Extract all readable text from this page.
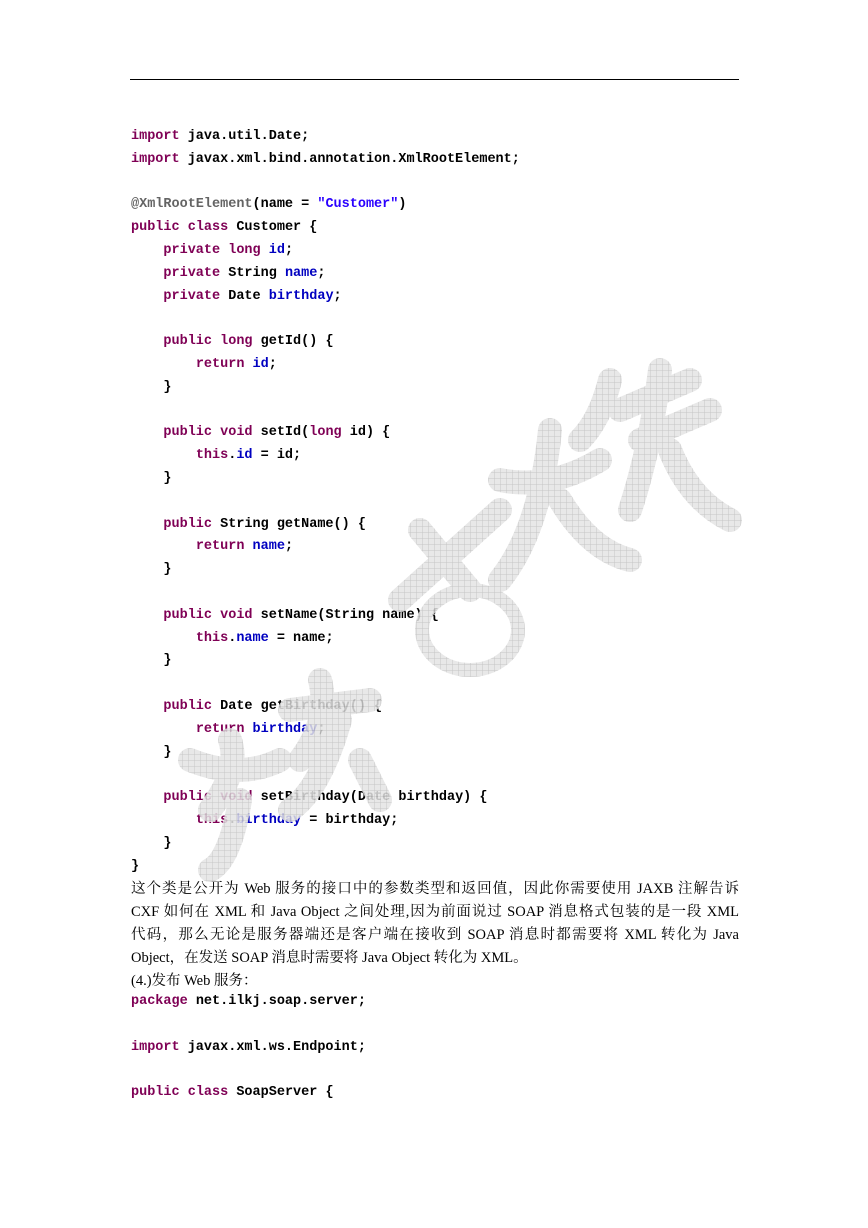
import java.util.Date;
import javax.xml.bind.annotation.XmlRootElement;

@XmlRootElement(name = "Customer")
public class Customer {
private long id;
private String name;
private Date birthday;

public long getId() {
return id;
}

public void setId(long id) {
this.id = id;
}

public String getName() {
return name;
}

public void setName(String name) {
this.name = name;
}

public Date getBirthday() {
return birthday;
}

public void setBirthday(Date birthday) {
this.birthday = birthday;
}
}
这个类是公开为 Web 服务的接口中的参数类型和返回值，因此你需要使用 JAXB 注解告诉
CXF 如何在 XML 和 Java Object 之间处理,因为前面说过 SOAP 消息格式包装的是一段 XML
代码，那么无论是服务器端还是客户端在接收到 SOAP 消息时都需要将 XML 转化为 Java
Object，在发送 SOAP 消息时需要将 Java Object 转化为 XML。
(4.)发布 Web 服务：
package net.ilkj.soap.server;

import javax.xml.ws.Endpoint;

public class SoapServer {
